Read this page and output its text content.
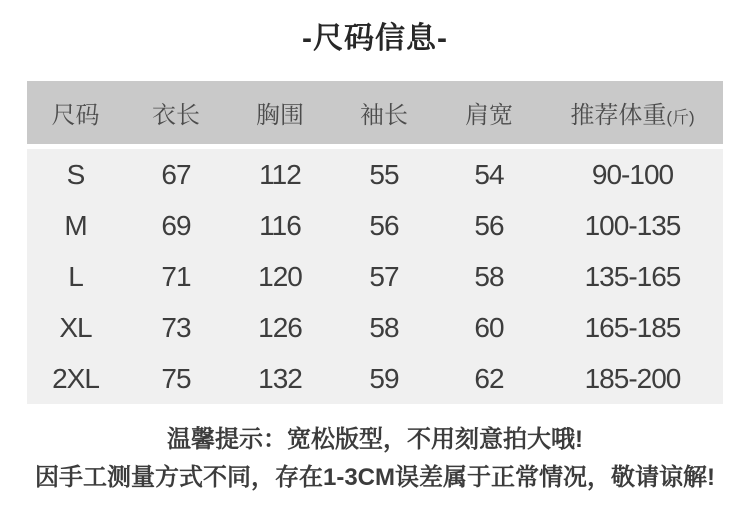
-尺码信息-
尺码	衣长	胸围	袖长	肩宽	推荐体重(斤)
S	67	112	55	54	90-100
M	69	116	56	56	100-135
L	71	120	57	58	135-165
XL	73	126	58	60	165-185
2XL	75	132	59	62	185-200

温馨提示：宽松版型，不用刻意拍大哦!

因手工测量方式不同，存在1-3CM误差属于正常情况，敬请谅解!
